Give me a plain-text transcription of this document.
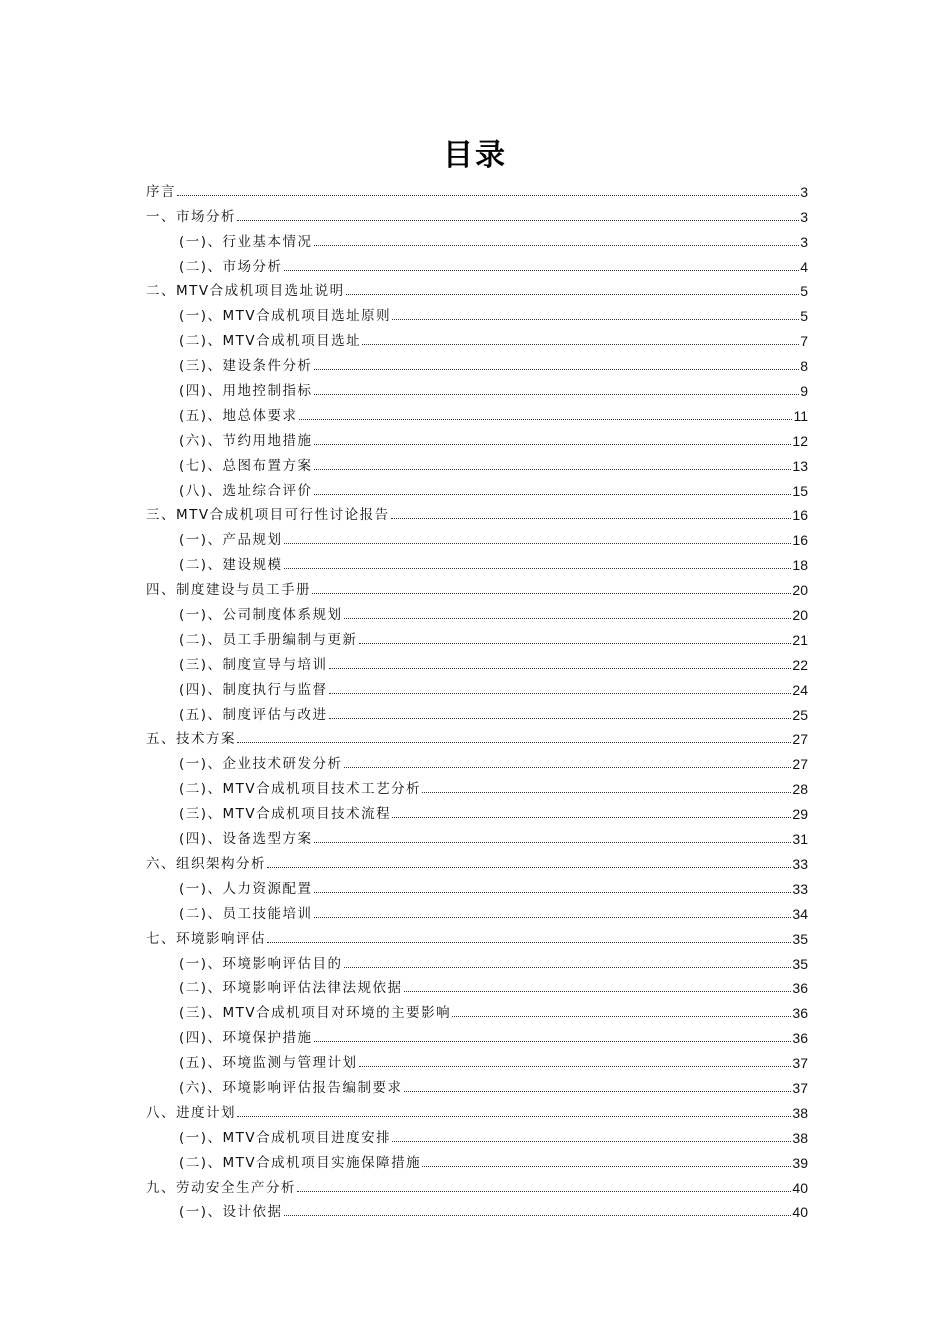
目录
序言	3
一、市场分析	3
(一)、行业基本情况	3
(二)、市场分析	4
二、MTV合成机项目选址说明	5
(一)、MTV合成机项目选址原则	5
(二)、MTV合成机项目选址	7
(三)、建设条件分析	8
(四)、用地控制指标	9
(五)、地总体要求	11
(六)、节约用地措施	12
(七)、总图布置方案	13
(八)、选址综合评价	15
三、MTV合成机项目可行性讨论报告	16
(一)、产品规划	16
(二)、建设规模	18
四、制度建设与员工手册	20
(一)、公司制度体系规划	20
(二)、员工手册编制与更新	21
(三)、制度宣导与培训	22
(四)、制度执行与监督	24
(五)、制度评估与改进	25
五、技术方案	27
(一)、企业技术研发分析	27
(二)、MTV合成机项目技术工艺分析	28
(三)、MTV合成机项目技术流程	29
(四)、设备选型方案	31
六、组织架构分析	33
(一)、人力资源配置	33
(二)、员工技能培训	34
七、环境影响评估	35
(一)、环境影响评估目的	35
(二)、环境影响评估法律法规依据	36
(三)、MTV合成机项目对环境的主要影响	36
(四)、环境保护措施	36
(五)、环境监测与管理计划	37
(六)、环境影响评估报告编制要求	37
八、进度计划	38
(一)、MTV合成机项目进度安排	38
(二)、MTV合成机项目实施保障措施	39
九、劳动安全生产分析	40
(一)、设计依据	40
